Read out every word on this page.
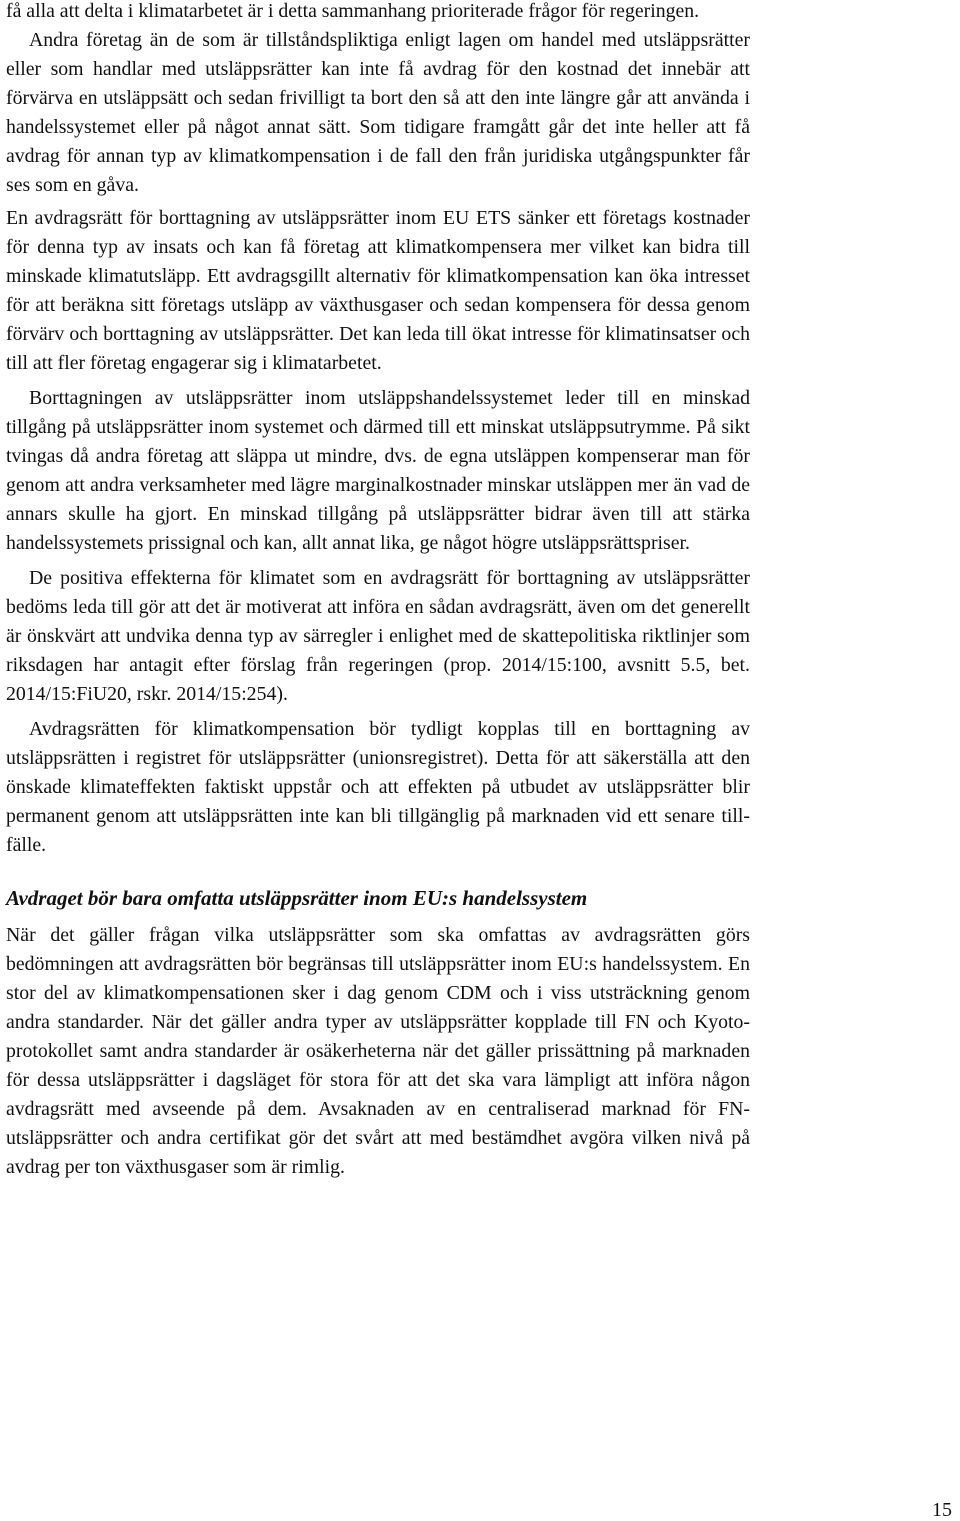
få alla att delta i klimatarbetet är i detta sammanhang prioriterade frågor för regeringen.

Andra företag än de som är tillståndspliktiga enligt lagen om handel med utsläppsrätter eller som handlar med utsläppsrätter kan inte få avdrag för den kostnad det innebär att förvärva en utsläppsätt och sedan frivilligt ta bort den så att den inte längre går att använda i handelssystemet eller på något annat sätt. Som tidigare framgått går det inte heller att få avdrag för annan typ av klimatkompensation i de fall den från juridiska utgångspunkter får ses som en gåva.

En avdragsrätt för borttagning av utsläppsrätter inom EU ETS sänker ett företags kostnader för denna typ av insats och kan få företag att klimatkompensera mer vilket kan bidra till minskade klimatutsläpp. Ett avdragsgillt alternativ för klimatkompensation kan öka intresset för att beräkna sitt företags utsläpp av växthusgaser och sedan kompensera för dessa genom förvärv och borttagning av utsläppsrätter. Det kan leda till ökat intresse för klimatinsatser och till att fler företag engagerar sig i klimatarbetet.

Borttagningen av utsläppsrätter inom utsläppshandelssystemet leder till en minskad tillgång på utsläppsrätter inom systemet och därmed till ett minskat utsläppsutrymme. På sikt tvingas då andra företag att släppa ut mindre, dvs. de egna utsläppen kompenserar man för genom att andra verksamheter med lägre marginalkostnader minskar utsläppen mer än vad de annars skulle ha gjort. En minskad tillgång på utsläppsrätter bidrar även till att stärka handelssystemets prissignal och kan, allt annat lika, ge något högre utsläppsrättspriser.

De positiva effekterna för klimatet som en avdragsrätt för borttagning av utsläppsrätter bedöms leda till gör att det är motiverat att införa en sådan avdragsrätt, även om det generellt är önskvärt att undvika denna typ av särregler i enlighet med de skattepolitiska riktlinjer som riksdagen har antagit efter förslag från regeringen (prop. 2014/15:100, avsnitt 5.5, bet. 2014/15:FiU20, rskr. 2014/15:254).

Avdragsrätten för klimatkompensation bör tydligt kopplas till en borttagning av utsläppsrätten i registret för utsläppsrätter (unionsregistret). Detta för att säkerställa att den önskade klimateffekten faktiskt uppstår och att effekten på utbudet av utsläppsrätter blir permanent genom att utsläppsrätten inte kan bli tillgänglig på marknaden vid ett senare tillfälle.

Avdraget bör bara omfatta utsläppsrätter inom EU:s handelssystem

När det gäller frågan vilka utsläppsrätter som ska omfattas av avdragsrätten görs bedömningen att avdragsrätten bör begränsas till utsläppsrätter inom EU:s handelssystem. En stor del av klimatkompensationen sker i dag genom CDM och i viss utsträckning genom andra standarder. När det gäller andra typer av utsläppsrätter kopplade till FN och Kyotoprotokollet samt andra standarder är osäkerheterna när det gäller prissättning på marknaden för dessa utsläppsrätter i dagsläget för stora för att det ska vara lämpligt att införa någon avdragsrätt med avseende på dem. Avsaknaden av en centraliserad marknad för FN-utsläppsrätter och andra certifikat gör det svårt att med bestämdhet avgöra vilken nivå på avdrag per ton växthusgaser som är rimlig.

15
